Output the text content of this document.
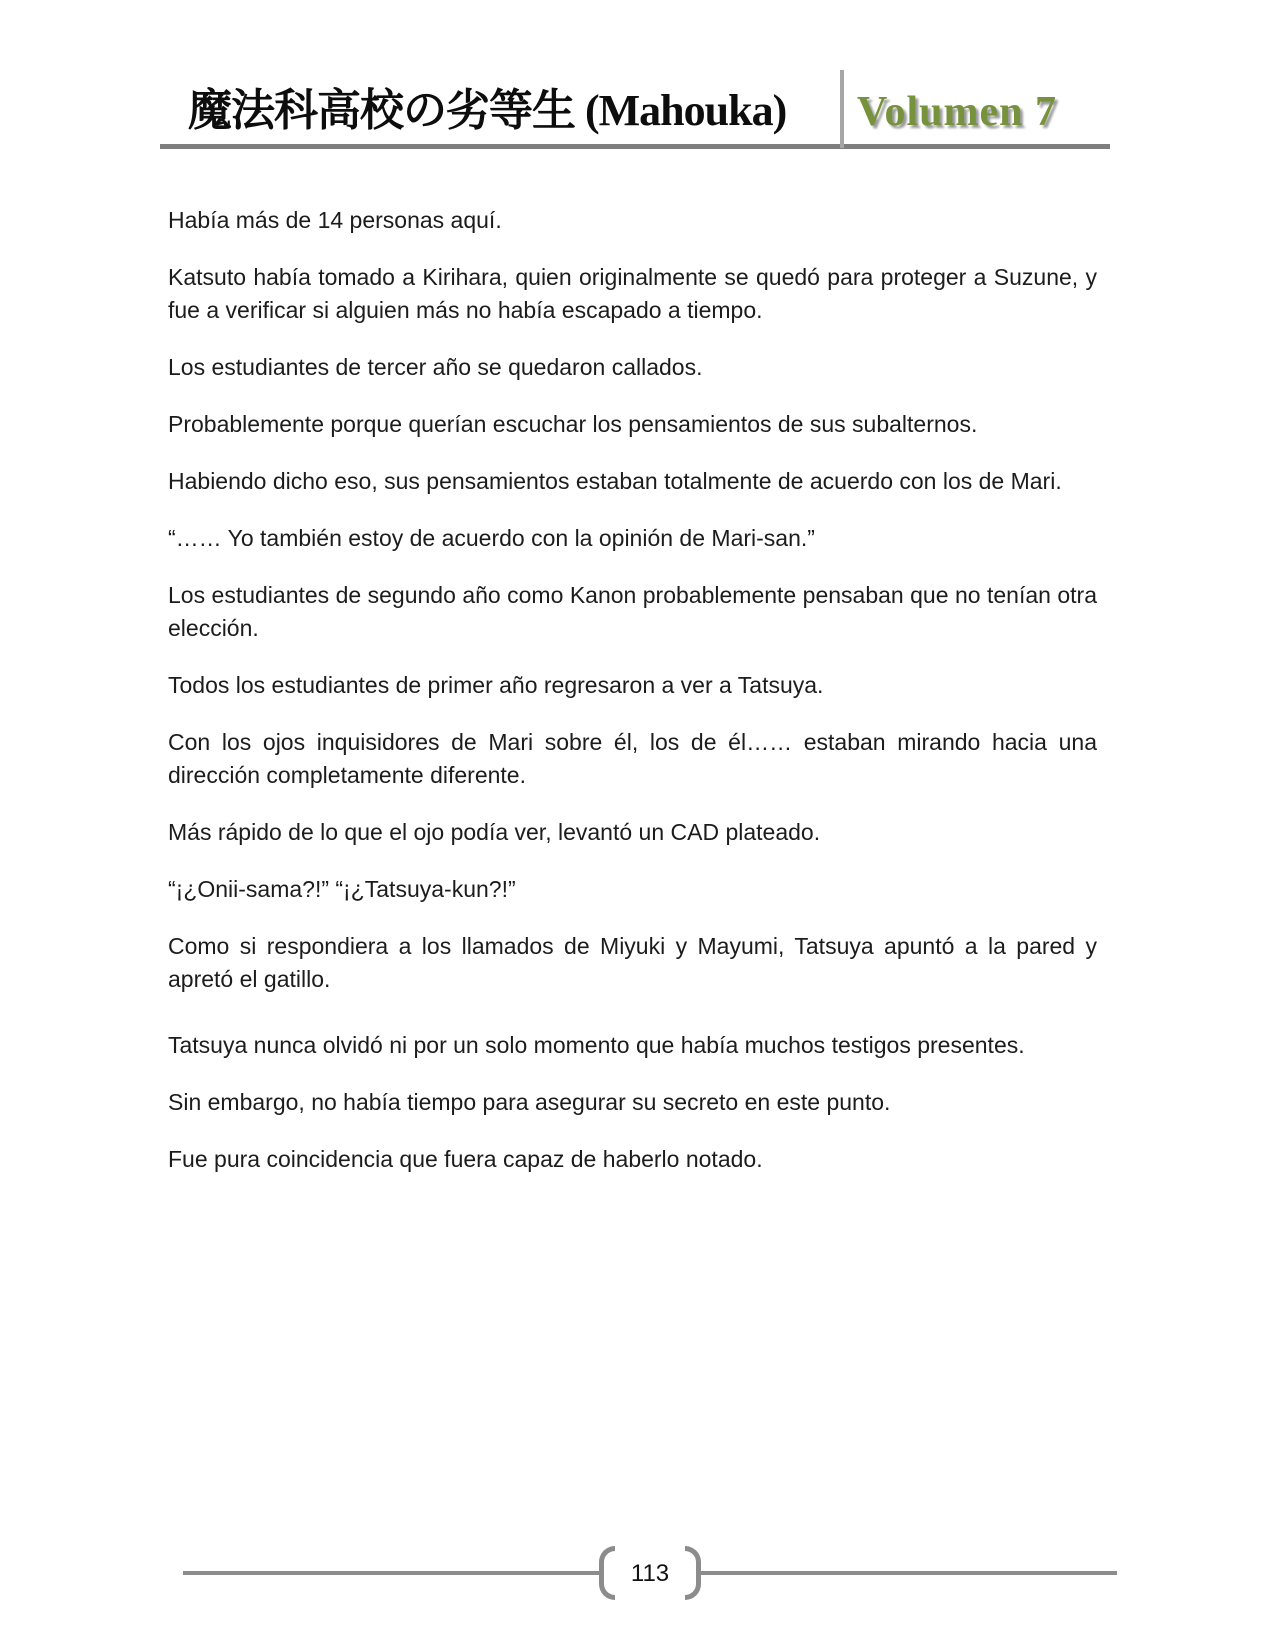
魔法科高校の劣等生 (Mahouka) Volumen 7

Había más de 14 personas aquí.

Katsuto había tomado a Kirihara, quien originalmente se quedó para proteger a Suzune, y fue a verificar si alguien más no había escapado a tiempo.

Los estudiantes de tercer año se quedaron callados.

Probablemente porque querían escuchar los pensamientos de sus subalternos.

Habiendo dicho eso, sus pensamientos estaban totalmente de acuerdo con los de Mari.

“…… Yo también estoy de acuerdo con la opinión de Mari-san.”

Los estudiantes de segundo año como Kanon probablemente pensaban que no tenían otra elección.

Todos los estudiantes de primer año regresaron a ver a Tatsuya.

Con los ojos inquisidores de Mari sobre él, los de él…… estaban mirando hacia una dirección completamente diferente.

Más rápido de lo que el ojo podía ver, levantó un CAD plateado.

“¡¿Onii-sama?!” “¡¿Tatsuya-kun?!”

Como si respondiera a los llamados de Miyuki y Mayumi, Tatsuya apuntó a la pared y apretó el gatillo.

Tatsuya nunca olvidó ni por un solo momento que había muchos testigos presentes.

Sin embargo, no había tiempo para asegurar su secreto en este punto.

Fue pura coincidencia que fuera capaz de haberlo notado.

113
